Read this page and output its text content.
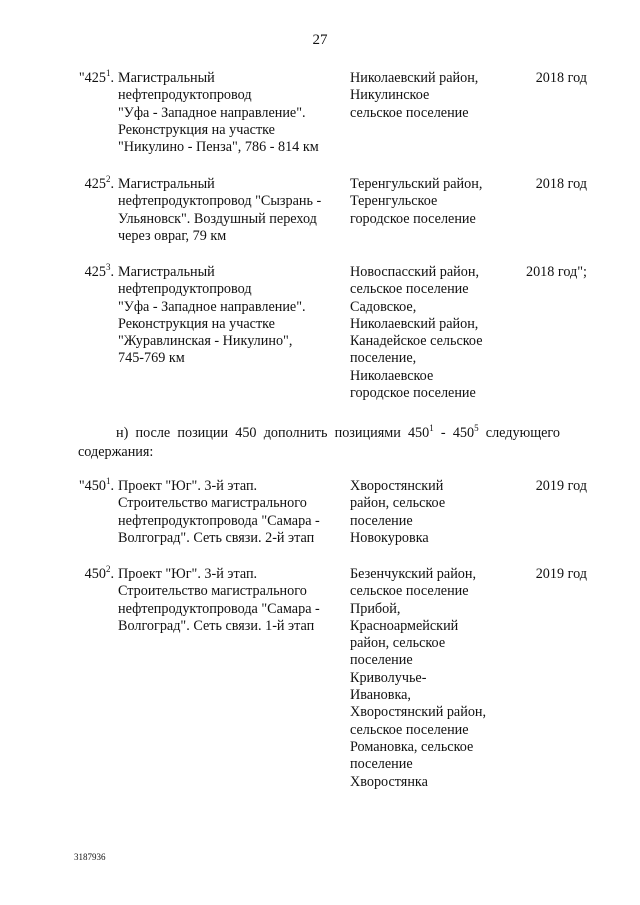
27
"$425^1$. Магистральный
нефтепродуктопровод
"Уфа - Западное направление".
Реконструкция на участке
"Никулино - Пенза", 786 - 814 км
Николаевский район,
Никулинское
сельское поселение
2018 год
$425^2$. Магистральный
нефтепродуктопровод "Сызрань -
Ульяновск". Воздушный переход
через овраг, 79 км
Теренгульский район,
Теренгульское
городское поселение
2018 год
$425^3$. Магистральный
нефтепродуктопровод
"Уфа - Западное направление".
Реконструкция на участке
"Журавлинская - Никулино",
745-769 км
Новоспасский район,
сельское поселение
Садовское,
Николаевский район,
Канадейское сельское
поселение,
Николаевское
городское поселение
2018 год";
н) после позиции 450 дополнить позициями $450^1 - 450^5$ следующего содержания:
"$450^1$. Проект "Юг". 3-й этап.
Строительство магистрального
нефтепродуктопровода "Самара -
Волгоград". Сеть связи. 2-й этап
Хворостянский
район, сельское
поселение
Новокуровка
2019 год
$450^2$. Проект "Юг". 3-й этап.
Строительство магистрального
нефтепродуктопровода "Самара -
Волгоград". Сеть связи. 1-й этап
Безенчукский район,
сельское поселение
Прибой,
Красноармейский
район, сельское
поселение
Криволучье-
Ивановка,
Хворостянский район,
сельское поселение
Романовка, сельское
поселение
Хворостянка
2019 год
3187936
